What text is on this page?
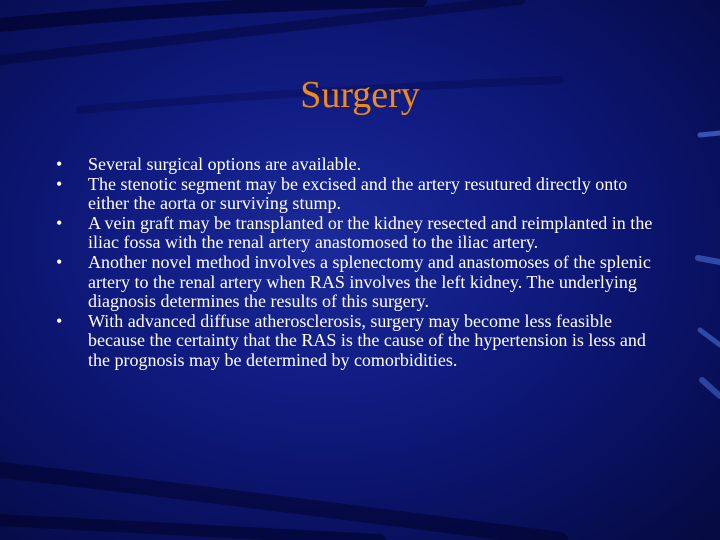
Surgery
• Several surgical options are available.
• The stenotic segment may be excised and the artery resutured directly onto either the aorta or surviving stump.
• A vein graft may be transplanted or the kidney resected and reimplanted in the iliac fossa with the renal artery anastomosed to the iliac artery.
• Another novel method involves a splenectomy and anastomoses of the splenic artery to the renal artery when RAS involves the left kidney. The underlying diagnosis determines the results of this surgery.
• With advanced diffuse atherosclerosis, surgery may become less feasible because the certainty that the RAS is the cause of the hypertension is less and the prognosis may be determined by comorbidities.
